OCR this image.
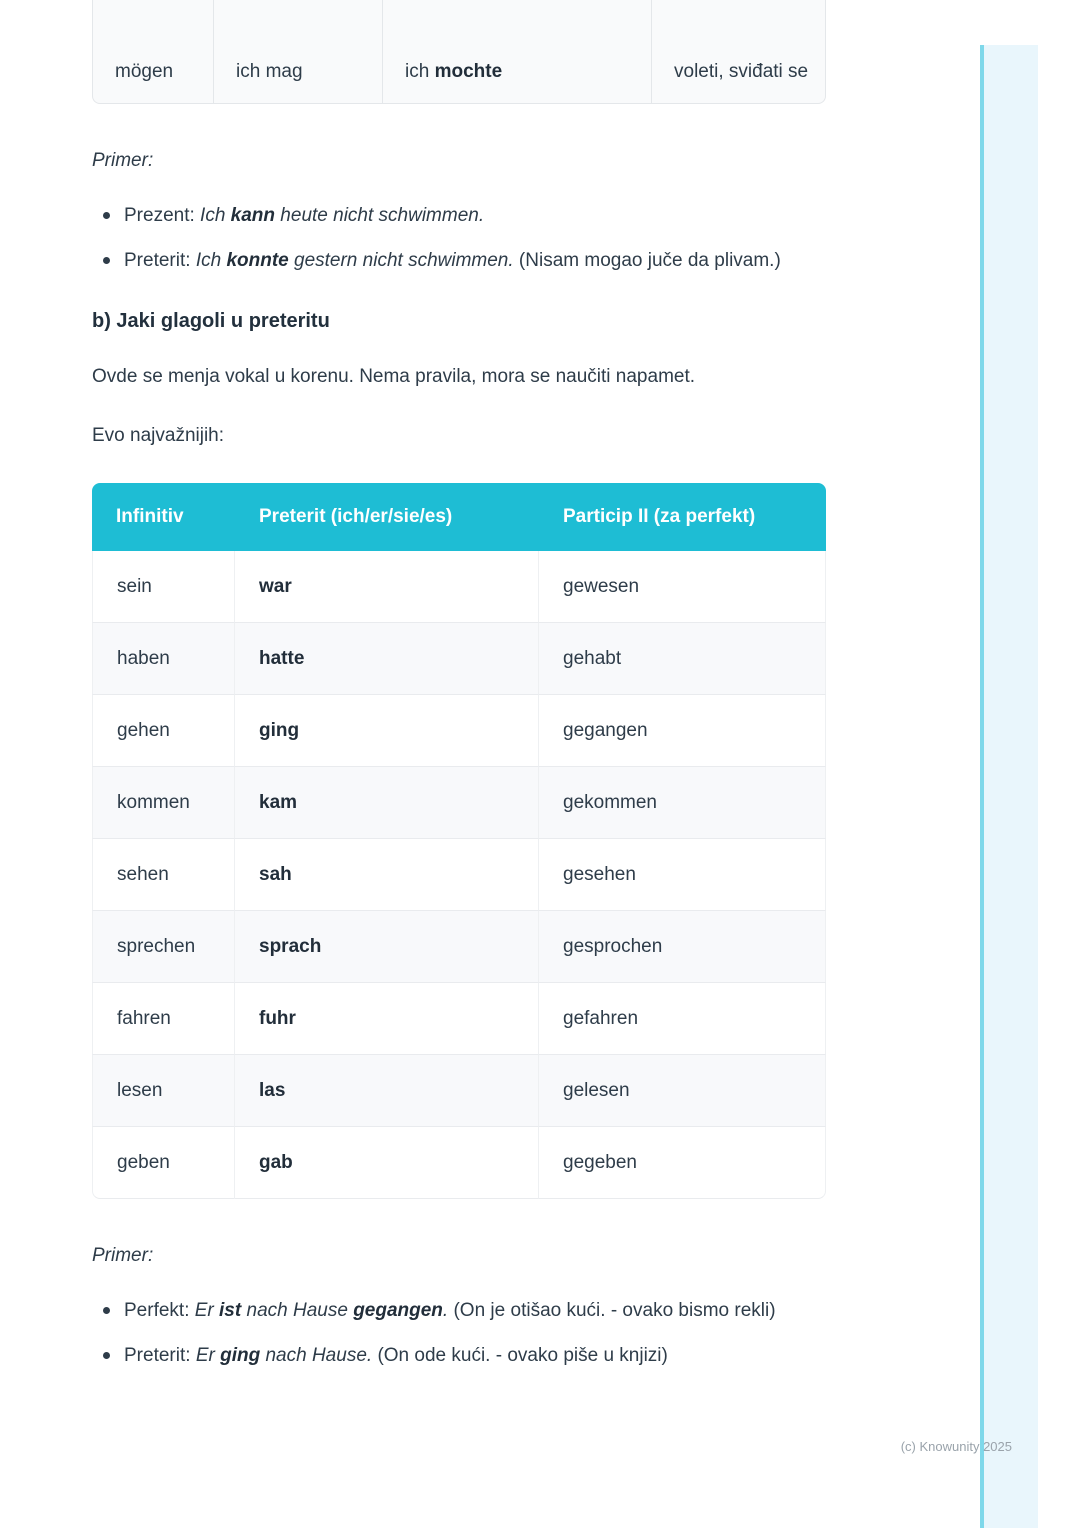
mögen	ich mag	ich mochte	voleti, sviđati se

Primer:

Prezent: Ich kann heute nicht schwimmen.
Preterit: Ich konnte gestern nicht schwimmen. (Nisam mogao juče da plivam.)
b) Jaki glagoli u preteritu

Ovde se menja vokal u korenu. Nema pravila, mora se naučiti napamet.

Evo najvažnijih:

Infinitiv	Preterit (ich/er/sie/es)	Particip II (za perfekt)
sein	war	gewesen
haben	hatte	gehabt
gehen	ging	gegangen
kommen	kam	gekommen
sehen	sah	gesehen
sprechen	sprach	gesprochen
fahren	fuhr	gefahren
lesen	las	gelesen
geben	gab	gegeben

Primer:

Perfekt: Er ist nach Hause gegangen. (On je otišao kući. - ovako bismo rekli)
Preterit: Er ging nach Hause. (On ode kući. - ovako piše u knjizi)
(c) Knowunity 2025
